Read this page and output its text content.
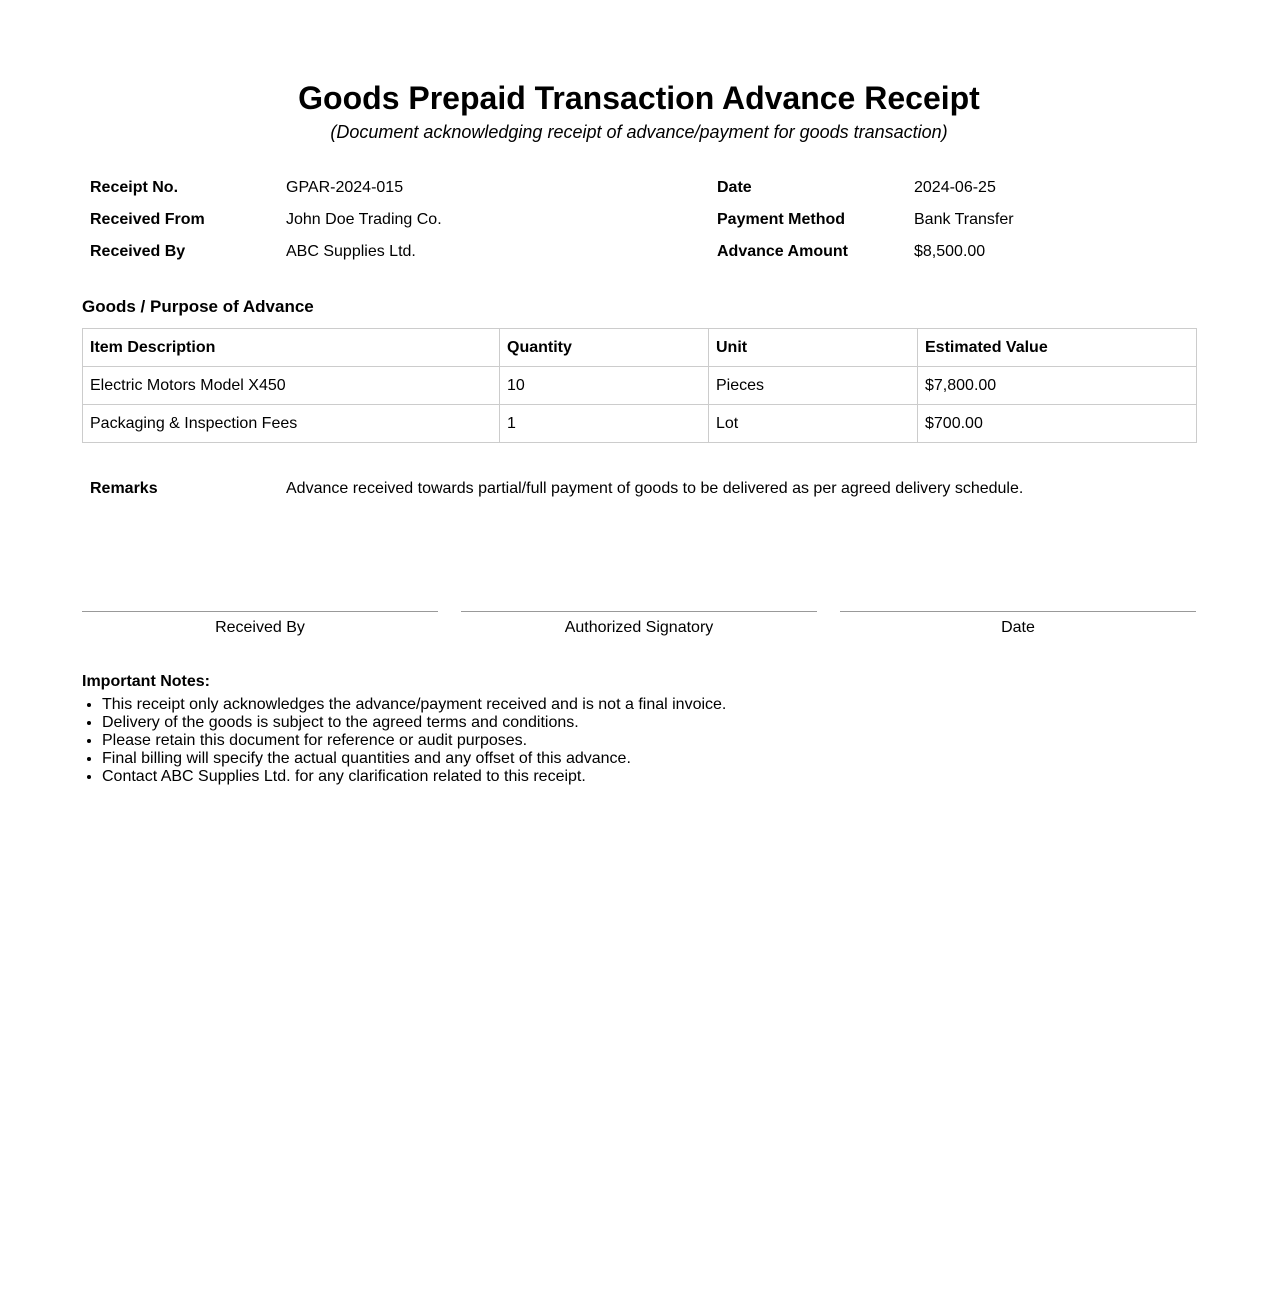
Goods Prepaid Transaction Advance Receipt

(Document acknowledging receipt of advance/payment for goods transaction)

Receipt No.	GPAR-2024-015	Date	2024-06-25
Received From	John Doe Trading Co.	Payment Method	Bank Transfer
Received By	ABC Supplies Ltd.	Advance Amount	$8,500.00
Goods / Purpose of Advance
Item Description	Quantity	Unit	Estimated Value
Electric Motors Model X450	10	Pieces	$7,800.00
Packaging & Inspection Fees	1	Lot	$700.00
Remarks	Advance received towards partial/full payment of goods to be delivered as per agreed delivery schedule.
Received By	Authorized Signatory	Date
Important Notes:
• This receipt only acknowledges the advance/payment received and is not a final invoice.
• Delivery of the goods is subject to the agreed terms and conditions.
• Please retain this document for reference or audit purposes.
• Final billing will specify the actual quantities and any offset of this advance.
• Contact ABC Supplies Ltd. for any clarification related to this receipt.
